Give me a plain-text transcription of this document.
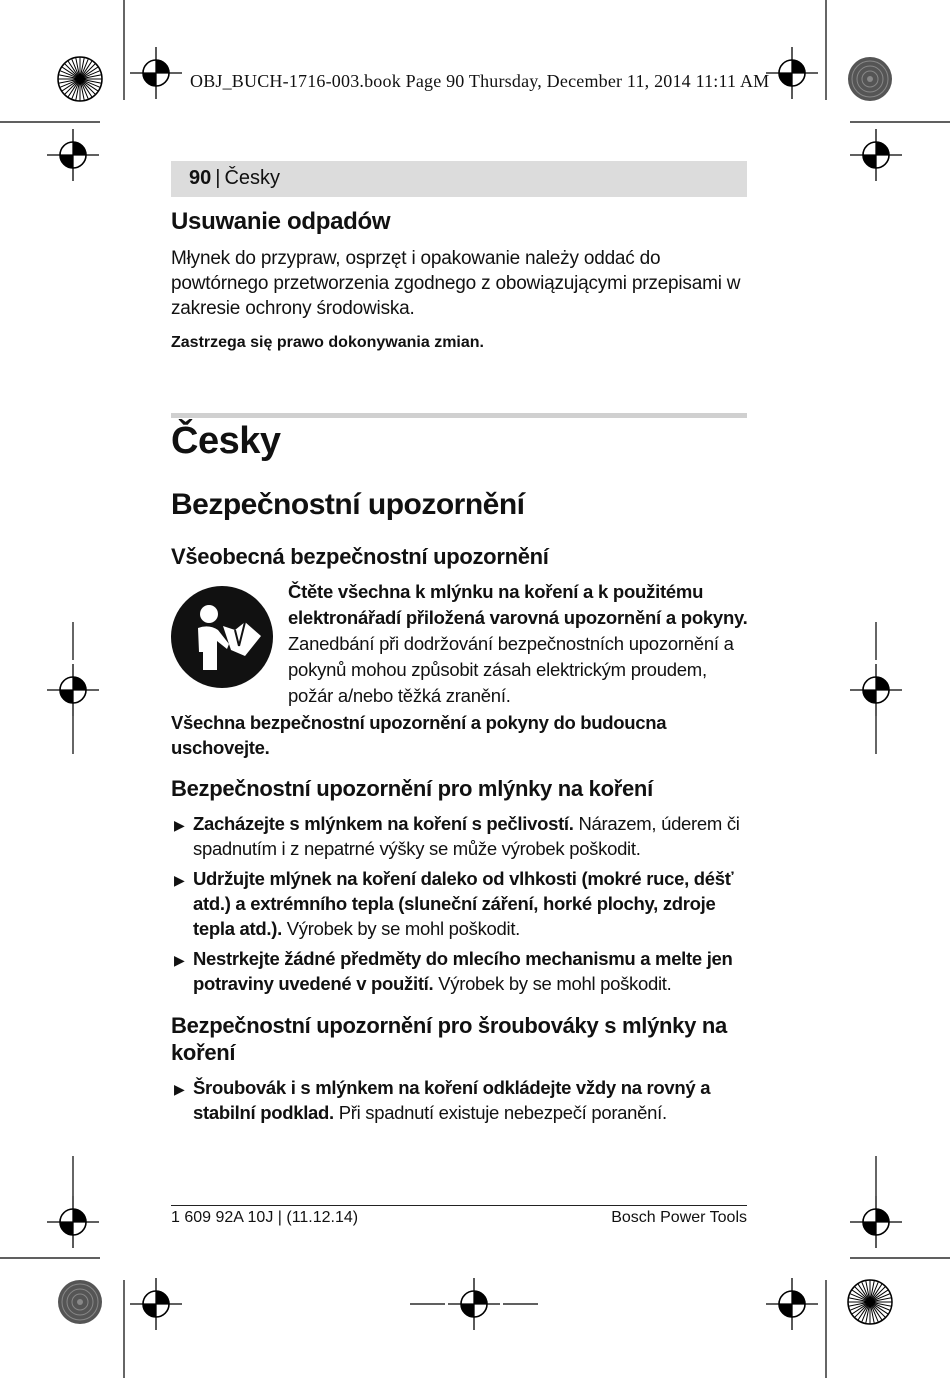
OBJ_BUCH-1716-003.book Page 90 Thursday, December 11, 2014 11:11 AM
90 | Česky
Usuwanie odpadów

Młynek do przypraw, osprzęt i opakowanie należy oddać do powtórnego przetworzenia zgodnego z obowiązującymi przepisami w zakresie ochrony środowiska.

Zastrzega się prawo dokonywania zmian.

Česky
Bezpečnostní upozornění
Všeobecná bezpečnostní upozornění

Čtěte všechna k mlýnku na koření a k použitému elektronářadí přiložená varovná upozornění a pokyny. Zanedbání při dodržování bezpečnostních upozornění a pokynů mohou způsobit zásah elektrickým proudem, požár a/nebo těžká zranění.

Všechna bezpečnostní upozornění a pokyny do budoucna uschovejte.

Bezpečnostní upozornění pro mlýnky na koření

▶ Zacházejte s mlýnkem na koření s pečlivostí. Nárazem, úderem či spadnutím i z nepatrné výšky se může výrobek poškodit.

▶ Udržujte mlýnek na koření daleko od vlhkosti (mokré ruce, déšť atd.) a extrémního tepla (sluneční záření, horké plochy, zdroje tepla atd.). Výrobek by se mohl poškodit.

▶ Nestrkejte žádné předměty do mlecího mechanismu a melte jen potraviny uvedené v použití. Výrobek by se mohl poškodit.

Bezpečnostní upozornění pro šroubováky s mlýnky na koření

▶ Šroubovák i s mlýnkem na koření odkládejte vždy na rovný a stabilní podklad. Při spadnutí existuje nebezpečí poranění.

1 609 92A 10J | (11.12.14)	Bosch Power Tools
